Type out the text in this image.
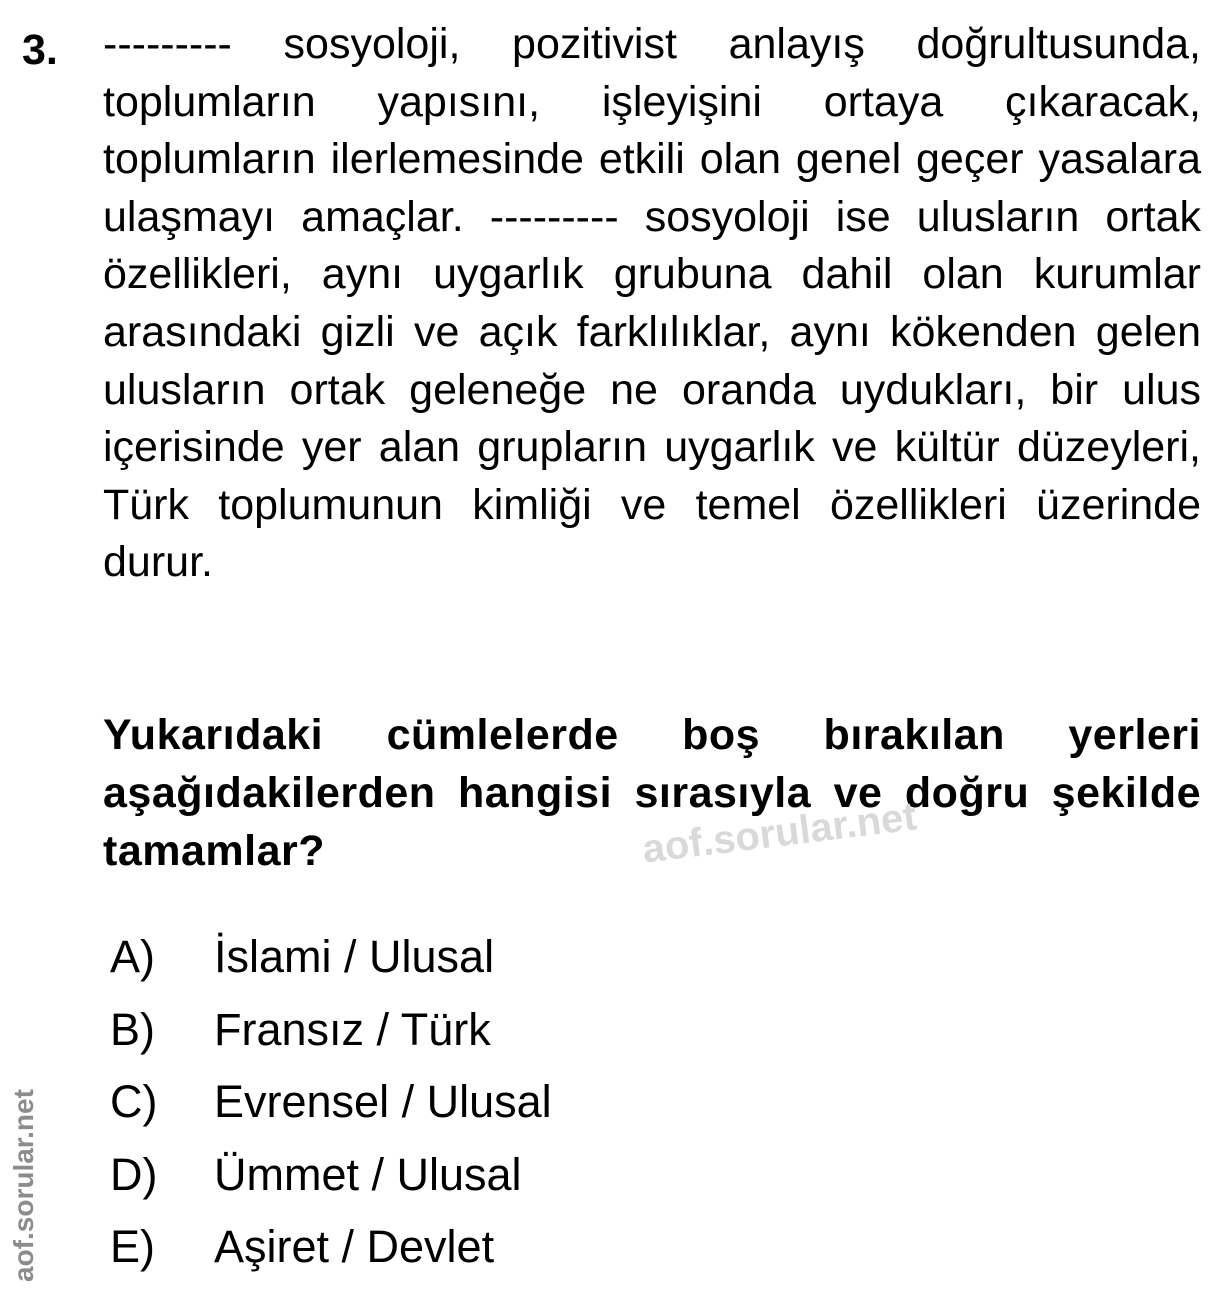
3. --------- sosyoloji, pozitivist anlayış doğrultusunda, toplumların yapısını, işleyişini ortaya çıkaracak, toplumların ilerlemesinde etkili olan genel geçer yasalara ulaşmayı amaçlar. --------- sosyoloji ise ulusların ortak özellikleri, aynı uygarlık grubuna dahil olan kurumlar arasındaki gizli ve açık farklılıklar, aynı kökenden gelen ulusların ortak geleneğe ne oranda uydukları, bir ulus içerisinde yer alan grupların uygarlık ve kültür düzeyleri, Türk toplumunun kimliği ve temel özellikleri üzerinde durur.

Yukarıdaki cümlelerde boş bırakılan yerleri aşağıdakilerden hangisi sırasıyla ve doğru şekilde tamamlar?	aof.sorular.net
aof.sorular.net
A) İslami / Ulusal
B) Fransız / Türk
C) Evrensel / Ulusal
D) Ümmet / Ulusal
E) Aşiret / Devlet
